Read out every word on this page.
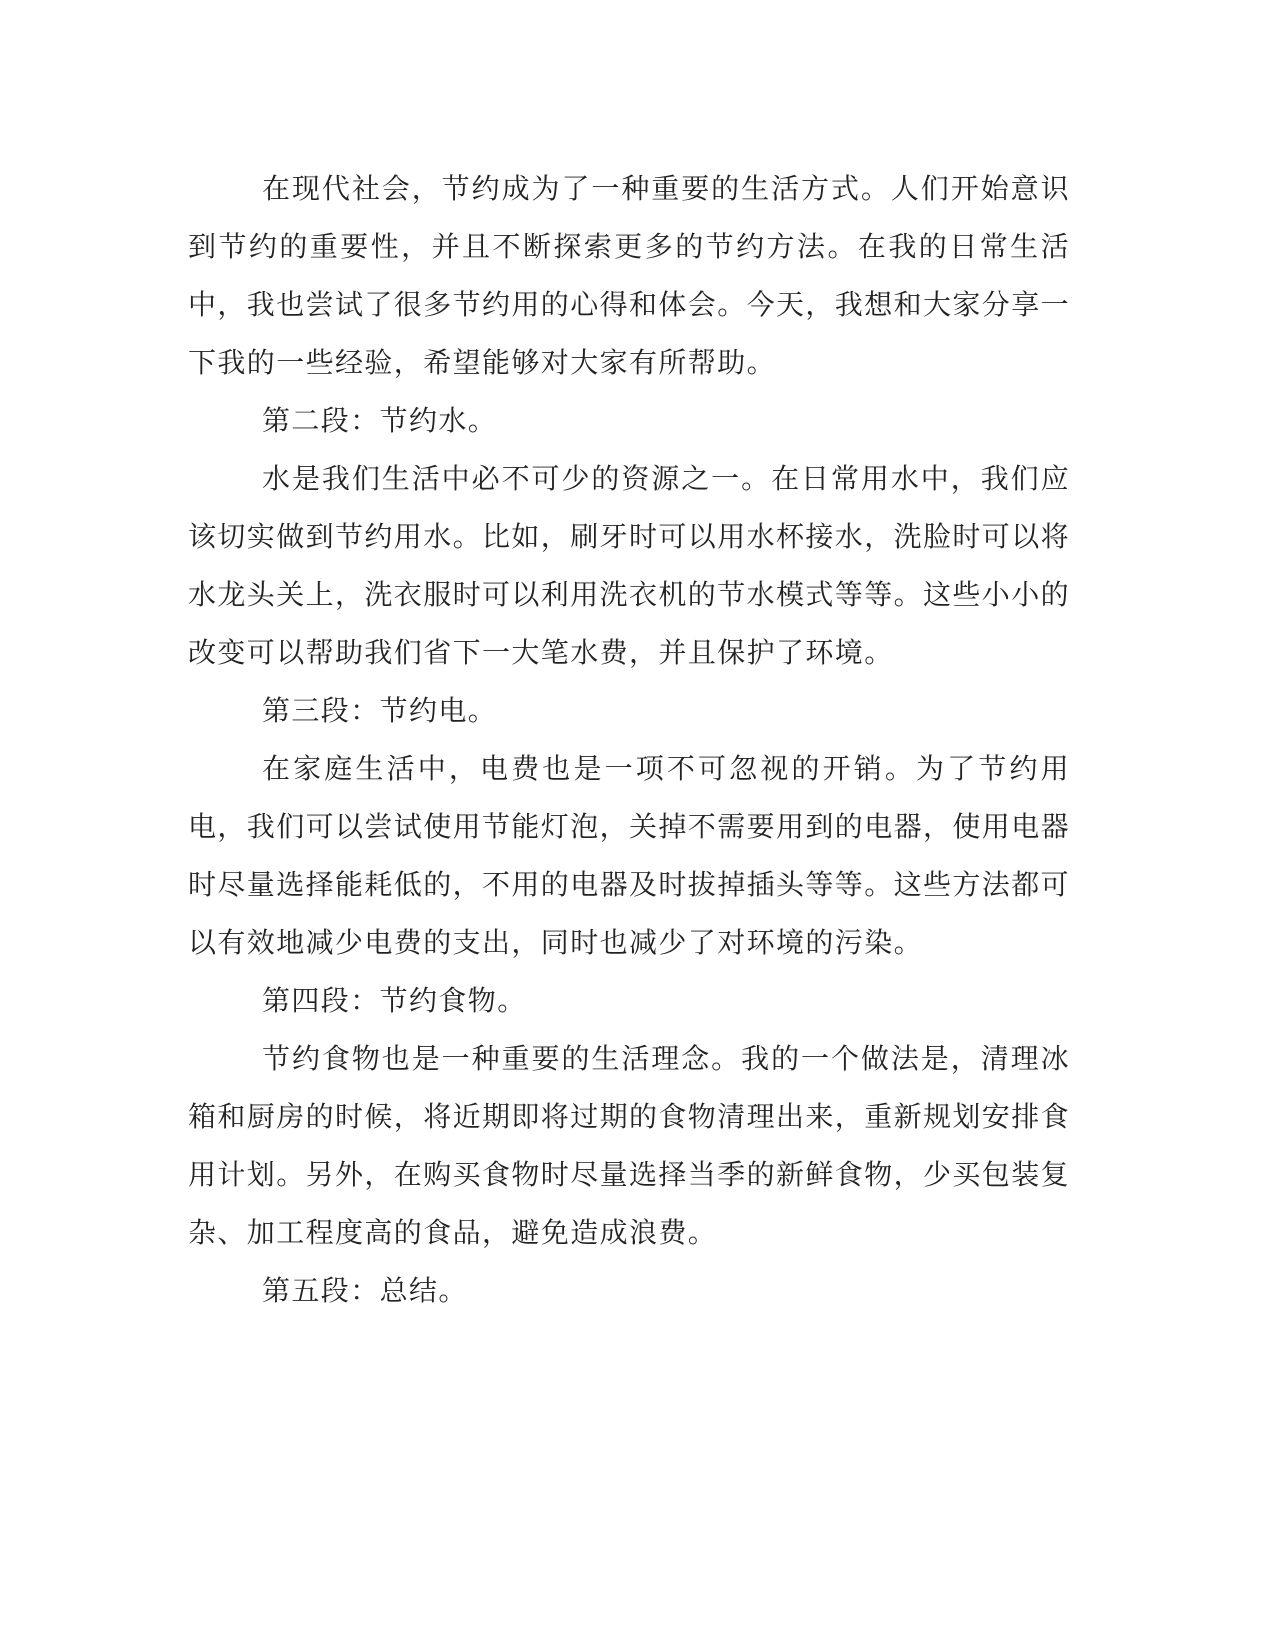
在现代社会，节约成为了一种重要的生活方式。人们开始意识到节约的重要性，并且不断探索更多的节约方法。在我的日常生活中，我也尝试了很多节约用的心得和体会。今天，我想和大家分享一下我的一些经验，希望能够对大家有所帮助。

第二段：节约水。

水是我们生活中必不可少的资源之一。在日常用水中，我们应该切实做到节约用水。比如，刷牙时可以用水杯接水，洗脸时可以将水龙头关上，洗衣服时可以利用洗衣机的节水模式等等。这些小小的改变可以帮助我们省下一大笔水费，并且保护了环境。

第三段：节约电。

在家庭生活中，电费也是一项不可忽视的开销。为了节约用电，我们可以尝试使用节能灯泡，关掉不需要用到的电器，使用电器时尽量选择能耗低的，不用的电器及时拔掉插头等等。这些方法都可以有效地减少电费的支出，同时也减少了对环境的污染。

第四段：节约食物。

节约食物也是一种重要的生活理念。我的一个做法是，清理冰箱和厨房的时候，将近期即将过期的食物清理出来，重新规划安排食用计划。另外，在购买食物时尽量选择当季的新鲜食物，少买包装复杂、加工程度高的食品，避免造成浪费。

第五段：总结。
